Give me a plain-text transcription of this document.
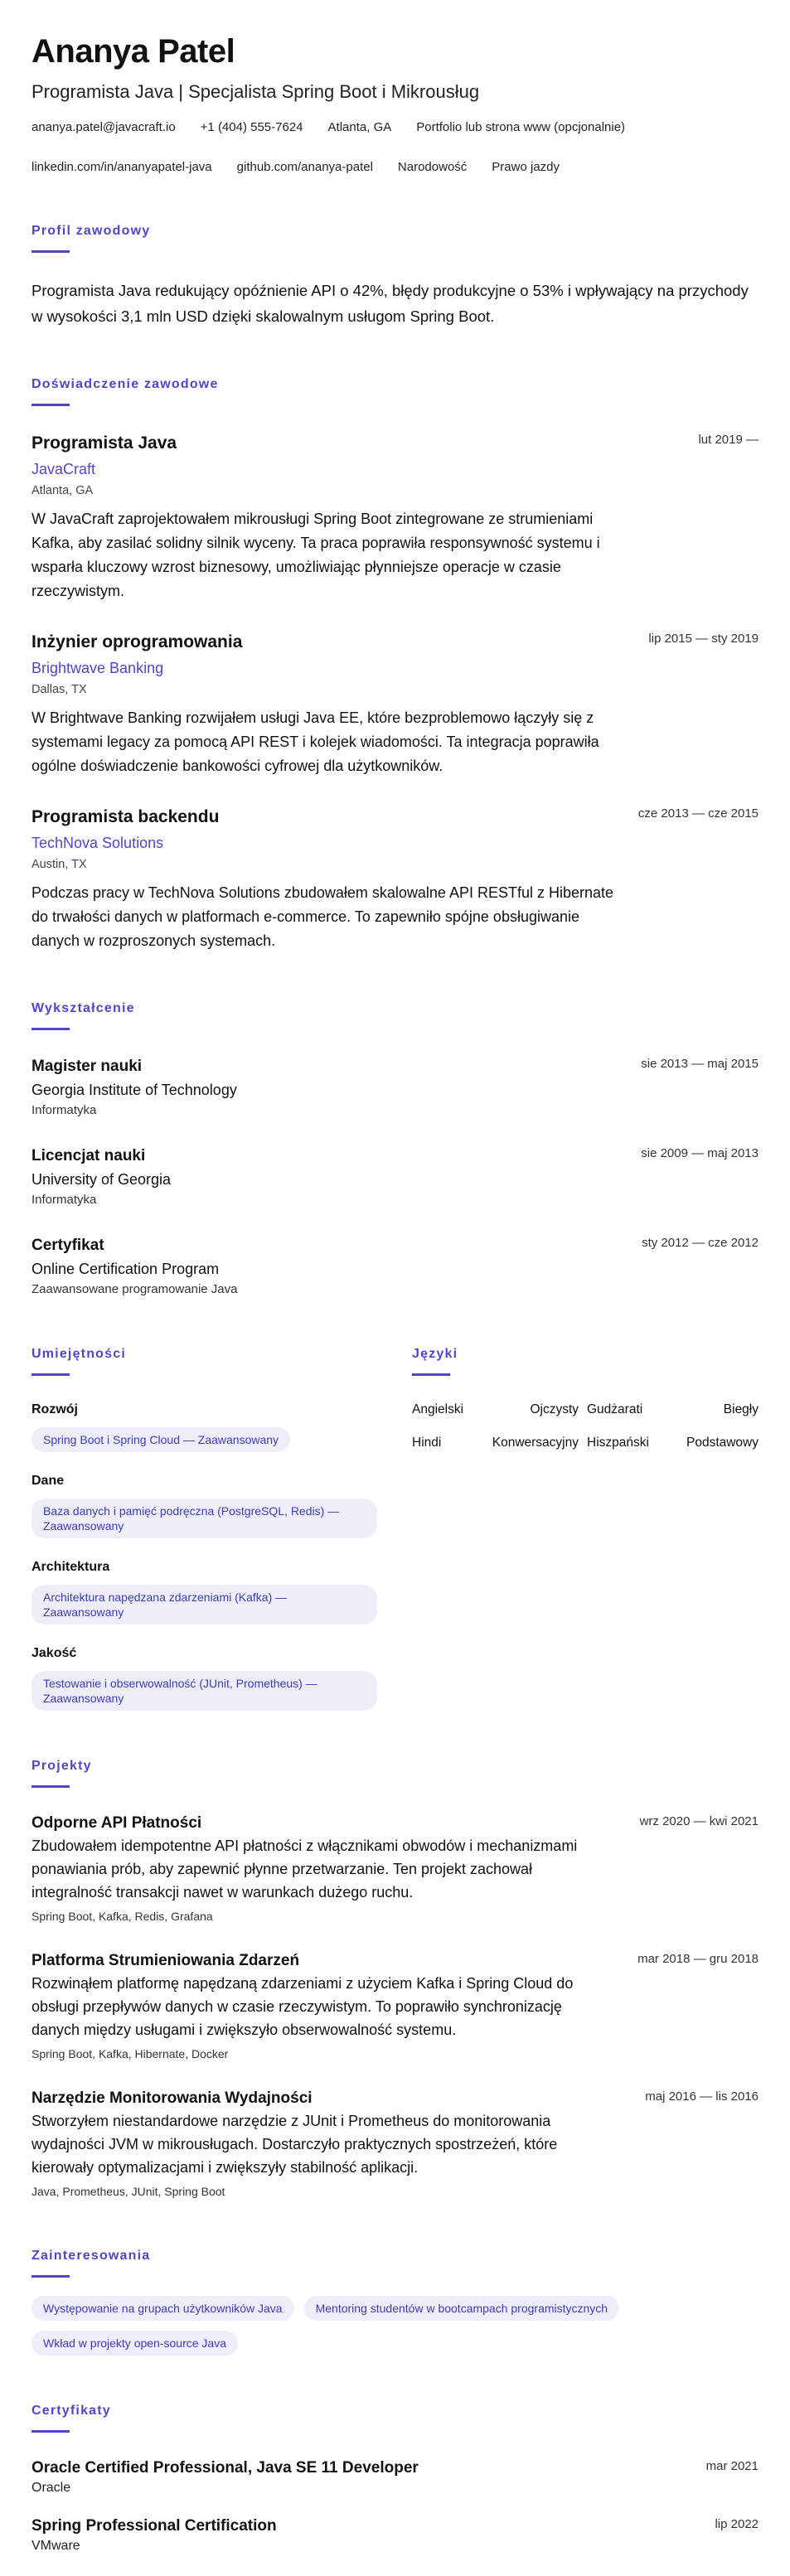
Ananya Patel
Programista Java | Specjalista Spring Boot i Mikrousług
ananya.patel@javacraft.io +1 (404) 555-7624 Atlanta, GA Portfolio lub strona www (opcjonalnie)
linkedin.com/in/ananyapatel-java github.com/ananya-patel Narodowość Prawo jazdy
Profil zawodowy

Programista Java redukujący opóźnienie API o 42%, błędy produkcyjne o 53% i wpływający na przychody w wysokości 3,1 mln USD dzięki skalowalnym usługom Spring Boot.

Doświadczenie zawodowe
lut 2019 —
Programista Java
JavaCraft
Atlanta, GA

W JavaCraft zaprojektowałem mikrousługi Spring Boot zintegrowane ze strumieniami Kafka, aby zasilać solidny silnik wyceny. Ta praca poprawiła responsywność systemu i wsparła kluczowy wzrost biznesowy, umożliwiając płynniejsze operacje w czasie rzeczywistym.

lip 2015 — sty 2019
Inżynier oprogramowania
Brightwave Banking
Dallas, TX

W Brightwave Banking rozwijałem usługi Java EE, które bezproblemowo łączyły się z systemami legacy za pomocą API REST i kolejek wiadomości. Ta integracja poprawiła ogólne doświadczenie bankowości cyfrowej dla użytkowników.

cze 2013 — cze 2015
Programista backendu
TechNova Solutions
Austin, TX

Podczas pracy w TechNova Solutions zbudowałem skalowalne API RESTful z Hibernate do trwałości danych w platformach e-commerce. To zapewniło spójne obsługiwanie danych w rozproszonych systemach.

Wykształcenie
sie 2013 — maj 2015
Magister nauki
Georgia Institute of Technology
Informatyka
sie 2009 — maj 2013
Licencjat nauki
University of Georgia
Informatyka
sty 2012 — cze 2012
Certyfikat
Online Certification Program
Zaawansowane programowanie Java
Umiejętności
Rozwój
Spring Boot i Spring Cloud — Zaawansowany
Dane
Baza danych i pamięć podręczna (PostgreSQL, Redis) — Zaawansowany
Architektura
Architektura napędzana zdarzeniami (Kafka) — Zaawansowany
Jakość
Testowanie i obserwowalność (JUnit, Prometheus) — Zaawansowany
Języki
Angielski	Ojczysty Gudżarati	Biegły
Hindi	Konwersacyjny Hiszpański	Podstawowy
Projekty
wrz 2020 — kwi 2021
Odporne API Płatności

Zbudowałem idempotentne API płatności z włącznikami obwodów i mechanizmami ponawiania prób, aby zapewnić płynne przetwarzanie. Ten projekt zachował integralność transakcji nawet w warunkach dużego ruchu.

Spring Boot, Kafka, Redis, Grafana
mar 2018 — gru 2018
Platforma Strumieniowania Zdarzeń

Rozwinąłem platformę napędzaną zdarzeniami z użyciem Kafka i Spring Cloud do obsługi przepływów danych w czasie rzeczywistym. To poprawiło synchronizację danych między usługami i zwiększyło obserwowalność systemu.

Spring Boot, Kafka, Hibernate, Docker
maj 2016 — lis 2016
Narzędzie Monitorowania Wydajności

Stworzyłem niestandardowe narzędzie z JUnit i Prometheus do monitorowania wydajności JVM w mikrousługach. Dostarczyło praktycznych spostrzeżeń, które kierowały optymalizacjami i zwiększyły stabilność aplikacji.

Java, Prometheus, JUnit, Spring Boot
Zainteresowania
Występowanie na grupach użytkowników Java	Mentoring studentów w bootcampach programistycznych
Wkład w projekty open-source Java
Certyfikaty
mar 2021
Oracle Certified Professional, Java SE 11 Developer
Oracle
lip 2022
Spring Professional Certification
VMware
